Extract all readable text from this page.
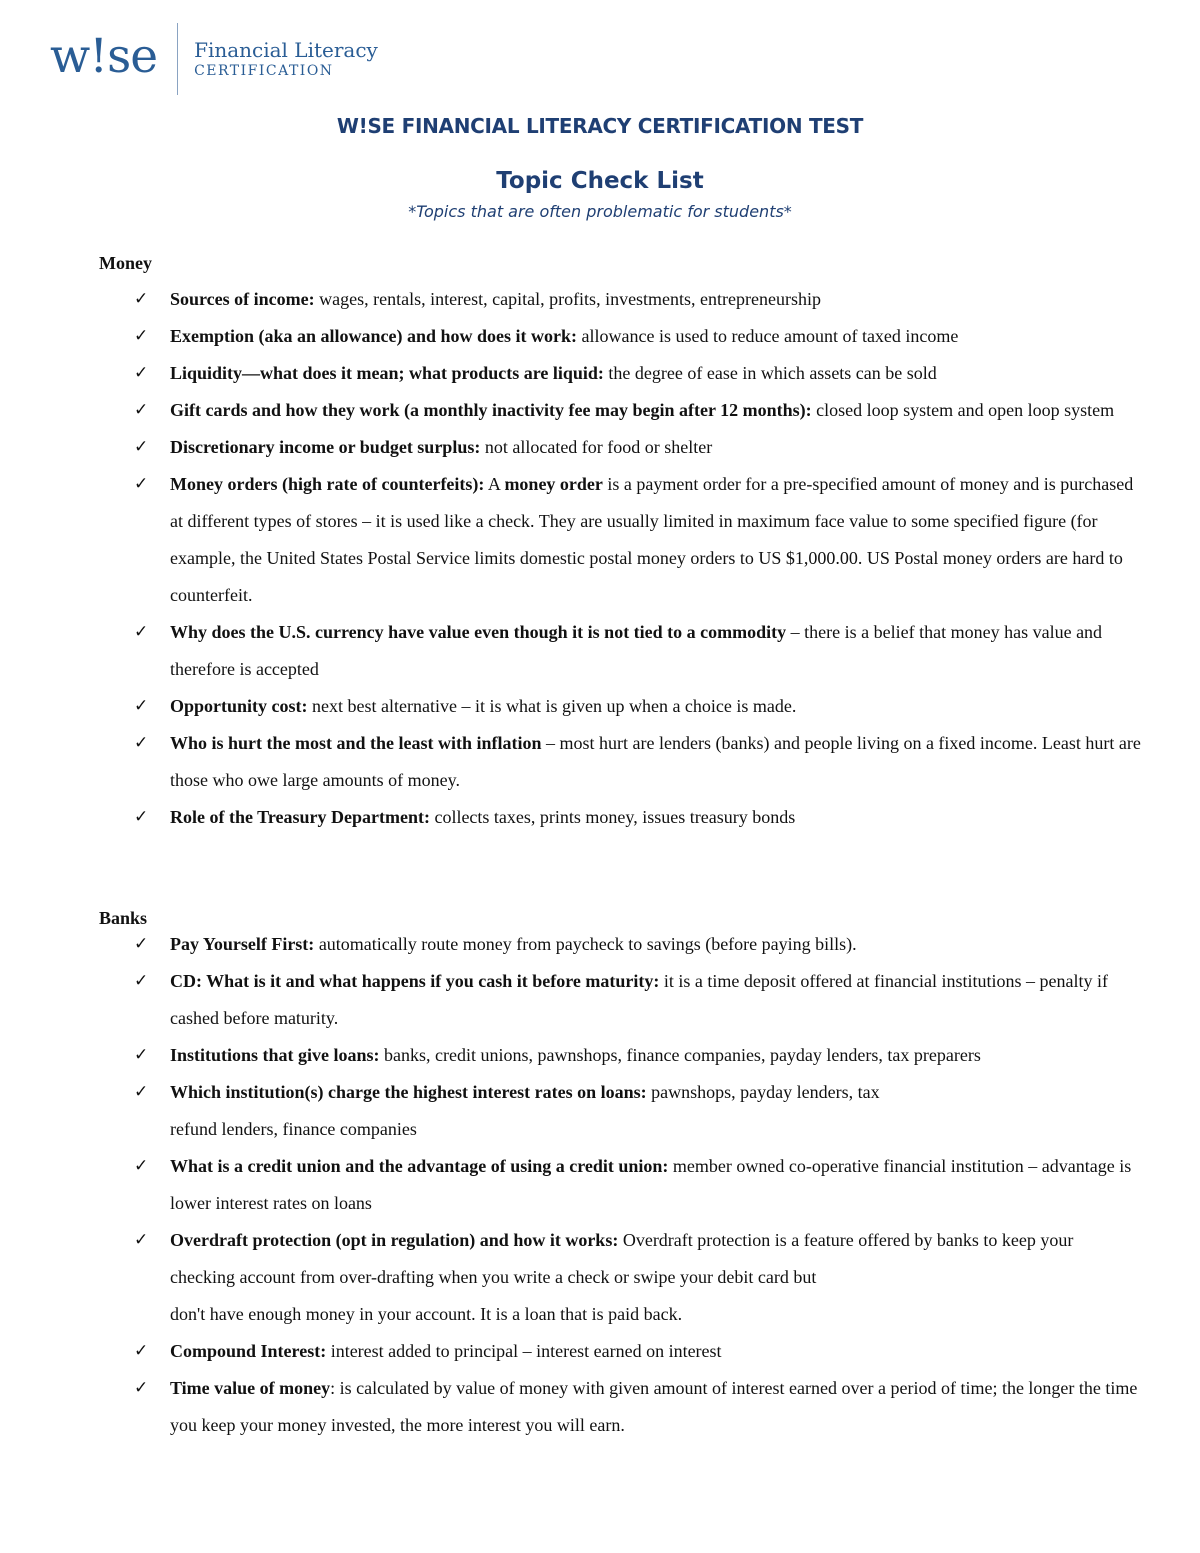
w!se Financial Literacy
CERTIFICATION
W!SE FINANCIAL LITERACY CERTIFICATION TEST
Topic Check List
*Topics that are often problematic for students*
Money
✓ Sources of income: wages, rentals, interest, capital, profits, investments, entrepreneurship
✓ Exemption (aka an allowance) and how does it work: allowance is used to reduce amount of taxed income
✓ Liquidity—what does it mean; what products are liquid: the degree of ease in which assets can be sold
✓ Gift cards and how they work (a monthly inactivity fee may begin after 12 months): closed loop system and open loop system
✓ Discretionary income or budget surplus: not allocated for food or shelter
✓ Money orders (high rate of counterfeits): A money order is a payment order for a pre-specified amount of money and is purchased at different types of stores – it is used like a check. They are usually limited in maximum face value to some specified figure (for example, the United States Postal Service limits domestic postal money orders to US $1,000.00. US Postal money orders are hard to counterfeit.
✓ Why does the U.S. currency have value even though it is not tied to a commodity – there is a belief that money has value and therefore is accepted
✓ Opportunity cost: next best alternative – it is what is given up when a choice is made.
✓ Who is hurt the most and the least with inflation – most hurt are lenders (banks) and people living on a fixed income. Least hurt are those who owe large amounts of money.
✓ Role of the Treasury Department: collects taxes, prints money, issues treasury bonds
Banks
✓ Pay Yourself First: automatically route money from paycheck to savings (before paying bills).
✓ CD: What is it and what happens if you cash it before maturity: it is a time deposit offered at financial institutions – penalty if cashed before maturity.
✓ Institutions that give loans: banks, credit unions, pawnshops, finance companies, payday lenders, tax preparers
✓ Which institution(s) charge the highest interest rates on loans: pawnshops, payday lenders, tax
refund lenders, finance companies
✓ What is a credit union and the advantage of using a credit union: member owned co-operative financial institution – advantage is lower interest rates on loans
✓ Overdraft protection (opt in regulation) and how it works: Overdraft protection is a feature offered by banks to keep your checking account from over-drafting when you write a check or swipe your debit card but
don't have enough money in your account. It is a loan that is paid back.
✓ Compound Interest: interest added to principal – interest earned on interest
✓ Time value of money: is calculated by value of money with given amount of interest earned over a period of time; the longer the time you keep your money invested, the more interest you will earn.
